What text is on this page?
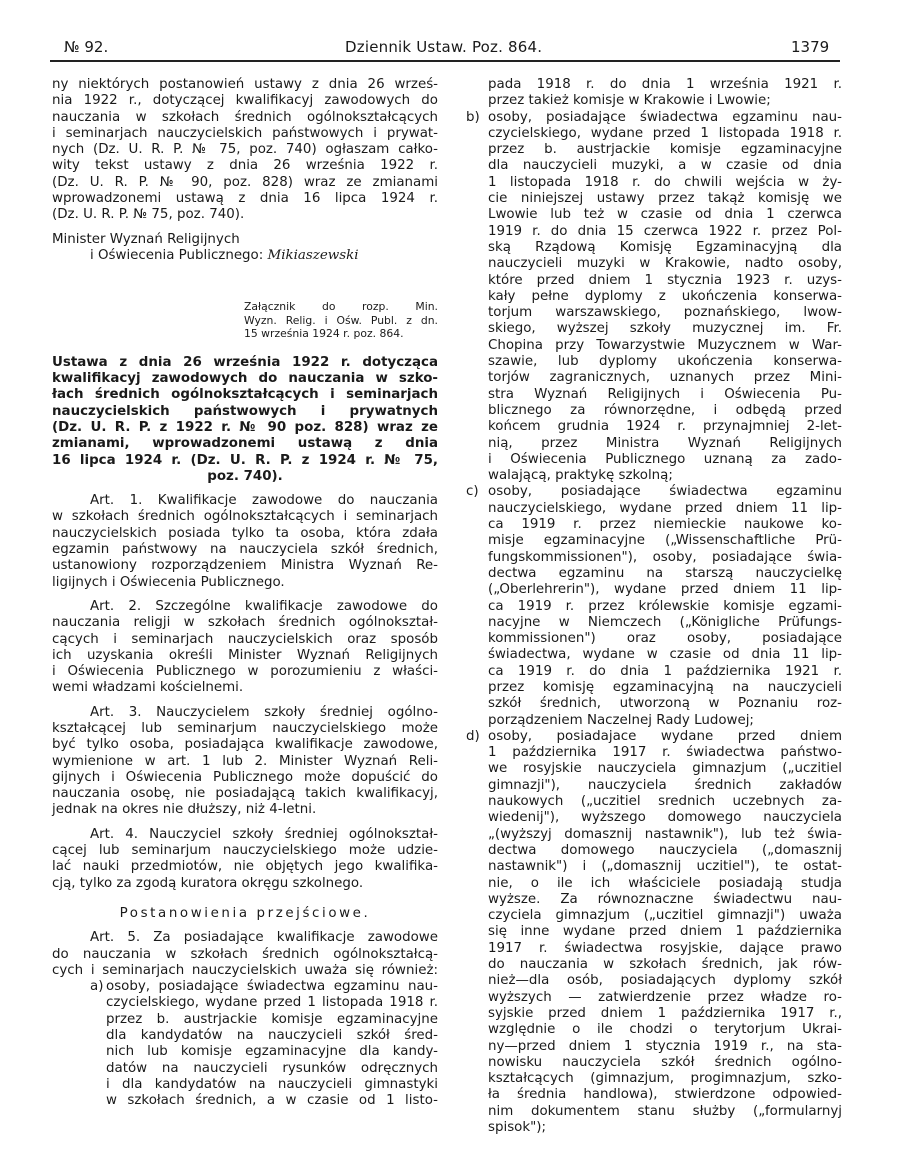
№ 92.	Dziennik Ustaw. Poz. 864.	1379
ny niektórych postanowień ustawy z dnia 26 wrześ-
nia 1922 r., dotyczącej kwalifikacyj zawodowych do
nauczania w szkołach średnich ogólnokształcących
i seminarjach nauczycielskich państwowych i prywat-
nych (Dz. U. R. P. № 75, poz. 740) ogłaszam całko-
wity tekst ustawy z dnia 26 września 1922 r.
(Dz. U. R. P. № 90, poz. 828) wraz ze zmianami
wprowadzonemi ustawą z dnia 16 lipca 1924 r.
(Dz. U. R. P. № 75, poz. 740).
Minister Wyznań Religijnych
i Oświecenia Publicznego: Mikiaszewski
Załącznik do rozp. Min.
Wyzn. Relig. i Ośw. Publ. z dn.
15 września 1924 r. poz. 864.
Ustawa z dnia 26 września 1922 r. dotycząca
kwalifikacyj zawodowych do nauczania w szko-
łach średnich ogólnokształcących i seminarjach
nauczycielskich państwowych i prywatnych
(Dz. U. R. P. z 1922 r. № 90 poz. 828) wraz ze
zmianami, wprowadzonemi ustawą z dnia
16 lipca 1924 r. (Dz. U. R. P. z 1924 r. № 75,
poz. 740).
Art. 1. Kwalifikacje zawodowe do nauczania
w szkołach średnich ogólnokształcących i seminarjach
nauczycielskich posiada tylko ta osoba, która zdała
egzamin państwowy na nauczyciela szkół średnich,
ustanowiony rozporządzeniem Ministra Wyznań Re-
ligijnych i Oświecenia Publicznego.
Art. 2. Szczególne kwalifikacje zawodowe do
nauczania religji w szkołach średnich ogólnokształ-
cących i seminarjach nauczycielskich oraz sposób
ich uzyskania określi Minister Wyznań Religijnych
i Oświecenia Publicznego w porozumieniu z właści-
wemi władzami kościelnemi.
Art. 3. Nauczycielem szkoły średniej ogólno-
kształcącej lub seminarjum nauczycielskiego może
być tylko osoba, posiadająca kwalifikacje zawodowe,
wymienione w art. 1 lub 2. Minister Wyznań Reli-
gijnych i Oświecenia Publicznego może dopuścić do
nauczania osobę, nie posiadającą takich kwalifikacyj,
jednak na okres nie dłuższy, niż 4-letni.
Art. 4. Nauczyciel szkoły średniej ogólnokształ-
cącej lub seminarjum nauczycielskiego może udzie-
lać nauki przedmiotów, nie objętych jego kwalifika-
cją, tylko za zgodą kuratora okręgu szkolnego.
Postanowienia przejściowe.
Art. 5. Za posiadające kwalifikacje zawodowe
do nauczania w szkołach średnich ogólnokształcą-
cych i seminarjach nauczycielskich uważa się również:
a) osoby, posiadające świadectwa egzaminu nau-
czycielskiego, wydane przed 1 listopada 1918 r.
przez b. austrjackie komisje egzaminacyjne
dla kandydatów na nauczycieli szkół śred-
nich lub komisje egzaminacyjne dla kandy-
datów na nauczycieli rysunków odręcznych
i dla kandydatów na nauczycieli gimnastyki
w szkołach średnich, a w czasie od 1 listo-
pada 1918 r. do dnia 1 września 1921 r.
przez takież komisje w Krakowie i Lwowie;
b) osoby, posiadające świadectwa egzaminu nau-
czycielskiego, wydane przed 1 listopada 1918 r.
przez b. austrjackie komisje egzaminacyjne
dla nauczycieli muzyki, a w czasie od dnia
1 listopada 1918 r. do chwili wejścia w ży-
cie niniejszej ustawy przez takąż komisję we
Lwowie lub też w czasie od dnia 1 czerwca
1919 r. do dnia 15 czerwca 1922 r. przez Pol-
ską Rządową Komisję Egzaminacyjną dla
nauczycieli muzyki w Krakowie, nadto osoby,
które przed dniem 1 stycznia 1923 r. uzys-
kały pełne dyplomy z ukończenia konserwa-
torjum warszawskiego, poznańskiego, lwow-
skiego, wyższej szkoły muzycznej im. Fr.
Chopina przy Towarzystwie Muzycznem w War-
szawie, lub dyplomy ukończenia konserwa-
torjów zagranicznych, uznanych przez Mini-
stra Wyznań Religijnych i Oświecenia Pu-
blicznego za równorzędne, i odbędą przed
końcem grudnia 1924 r. przynajmniej 2-let-
nią, przez Ministra Wyznań Religijnych
i Oświecenia Publicznego uznaną za zado-
walającą, praktykę szkolną;
c) osoby, posiadające świadectwa egzaminu
nauczycielskiego, wydane przed dniem 11 lip-
ca 1919 r. przez niemieckie naukowe ko-
misje egzaminacyjne („Wissenschaftliche Prü-
fungskommissionen"), osoby, posiadające świa-
dectwa egzaminu na starszą nauczycielkę
(„Oberlehrerin"), wydane przed dniem 11 lip-
ca 1919 r. przez królewskie komisje egzami-
nacyjne w Niemczech („Königliche Prüfungs-
kommissionen") oraz osoby, posiadające
świadectwa, wydane w czasie od dnia 11 lip-
ca 1919 r. do dnia 1 października 1921 r.
przez komisję egzaminacyjną na nauczycieli
szkół średnich, utworzoną w Poznaniu roz-
porządzeniem Naczelnej Rady Ludowej;
d) osoby, posiadajace wydane przed dniem
1 października 1917 r. świadectwa państwo-
we rosyjskie nauczyciela gimnazjum („uczitiel
gimnazji"), nauczyciela średnich zakładów
naukowych („uczitiel srednich uczebnych za-
wiedenij"), wyższego domowego nauczyciela
„(wyższyj domasznij nastawnik"), lub też świa-
dectwa domowego nauczyciela („domasznij
nastawnik") i („domasznij uczitiel"), te ostat-
nie, o ile ich właściciele posiadają studja
wyższe. Za równoznaczne świadectwu nau-
czyciela gimnazjum („uczitiel gimnazji") uważa
się inne wydane przed dniem 1 października
1917 r. świadectwa rosyjskie, dające prawo
do nauczania w szkołach średnich, jak rów-
nież—dla osób, posiadających dyplomy szkół
wyższych — zatwierdzenie przez władze ro-
syjskie przed dniem 1 października 1917 r.,
względnie o ile chodzi o terytorjum Ukrai-
ny—przed dniem 1 stycznia 1919 r., na sta-
nowisku nauczyciela szkół średnich ogólno-
kształcących (gimnazjum, progimnazjum, szko-
ła średnia handlowa), stwierdzone odpowied-
nim dokumentem stanu służby („formularnyj
spisok");
